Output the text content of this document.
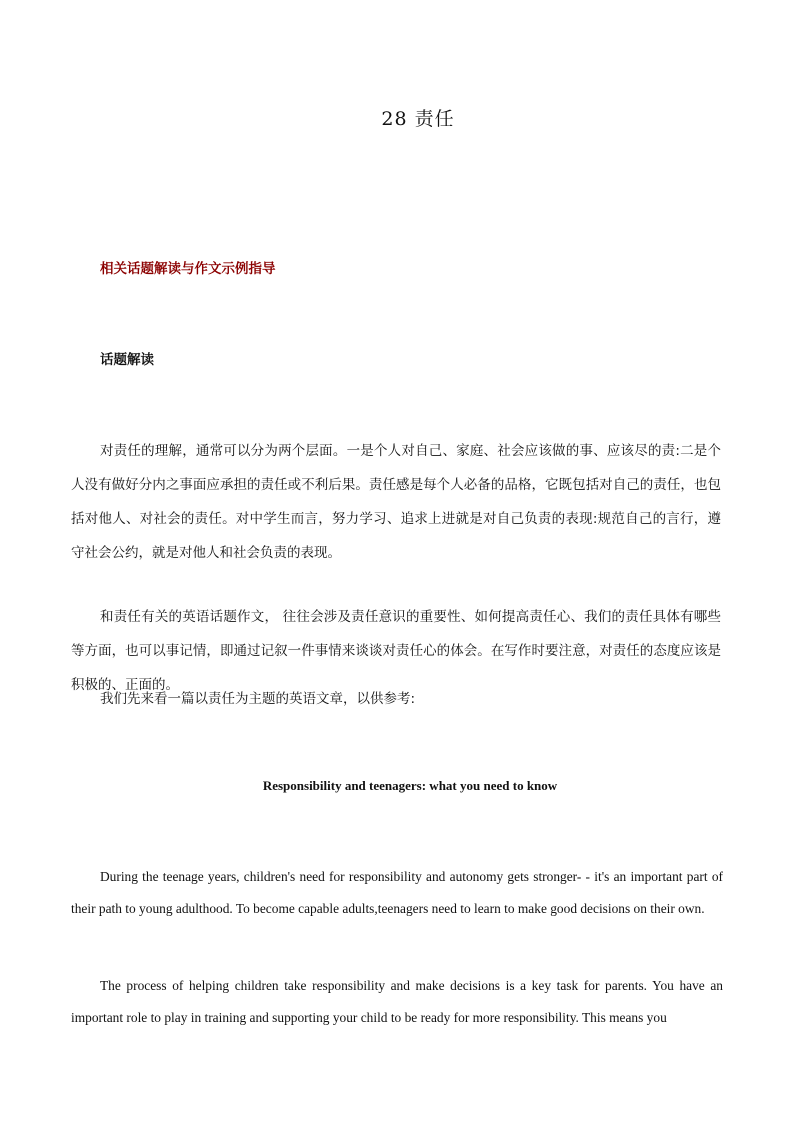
28 责任
相关话题解读与作文示例指导
话题解读

对责任的理解，通常可以分为两个层面。一是个人对自己、家庭、社会应该做的事、应该尽的责:二是个人没有做好分内之事面应承担的责任或不利后果。责任感是每个人必备的品格，它既包括对自己的责任，也包括对他人、对社会的责任。对中学生而言，努力学习、追求上进就是对自己负责的表现:规范自己的言行，遵守社会公约，就是对他人和社会负责的表现。

和责任有关的英语话题作文， 往往会涉及责任意识的重要性、如何提高责任心、我们的责任具体有哪些等方面，也可以事记情，即通过记叙一件事情来谈谈对责任心的体会。在写作时要注意，对责任的态度应该是积极的、正面的。

我们先来看一篇以责任为主题的英语文章，以供参考:

Responsibility and teenagers: what you need to know

During the teenage years, children's need for responsibility and autonomy gets stronger- - it's an important part of their path to young adulthood. To become capable adults,teenagers need to learn to make good decisions on their own.

The process of helping children take responsibility and make decisions is a key task for parents. You have an important role to play in training and supporting your child to be ready for more responsibility. This means you
